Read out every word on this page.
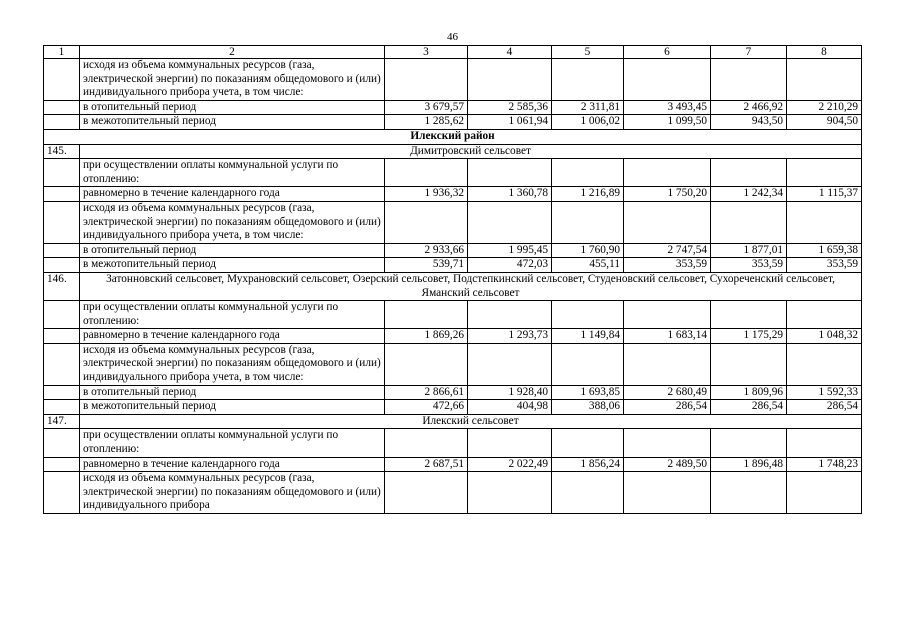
46
1	2	3	4	5	6	7	8
	исходя из объема коммунальных ресурсов (газа, электрической энергии) по показаниям общедомового и (или) индивидуального прибора учета, в том числе:						
	в отопительный период	3 679,57	2 585,36	2 311,81	3 493,45	2 466,92	2 210,29
	в межотопительный период	1 285,62	1 061,94	1 006,02	1 099,50	943,50	904,50
Илекский район							
145.	Димитровский сельсовет						
	при осуществлении оплаты коммунальной услуги по отоплению:						
	равномерно в течение календарного года	1 936,32	1 360,78	1 216,89	1 750,20	1 242,34	1 115,37
	исходя из объема коммунальных ресурсов (газа, электрической энергии) по показаниям общедомового и (или) индивидуального прибора учета, в том числе:						
	в отопительный период	2 933,66	1 995,45	1 760,90	2 747,54	1 877,01	1 659,38
	в межотопительный период	539,71	472,03	455,11	353,59	353,59	353,59
146.	Затонновский сельсовет, Мухрановский сельсовет, Озерский сельсовет, Подстепкинский сельсовет, Студеновский сельсовет, Сухореченский сельсовет, Яманский сельсовет						
	при осуществлении оплаты коммунальной услуги по отоплению:						
	равномерно в течение календарного года	1 869,26	1 293,73	1 149,84	1 683,14	1 175,29	1 048,32
	исходя из объема коммунальных ресурсов (газа, электрической энергии) по показаниям общедомового и (или) индивидуального прибора учета, в том числе:						
	в отопительный период	2 866,61	1 928,40	1 693,85	2 680,49	1 809,96	1 592,33
	в межотопительный период	472,66	404,98	388,06	286,54	286,54	286,54
147.	Илекский сельсовет						
	при осуществлении оплаты коммунальной услуги по отоплению:						
	равномерно в течение календарного года	2 687,51	2 022,49	1 856,24	2 489,50	1 896,48	1 748,23
	исходя из объема коммунальных ресурсов (газа, электрической энергии) по показаниям общедомового и (или) индивидуального прибора						
